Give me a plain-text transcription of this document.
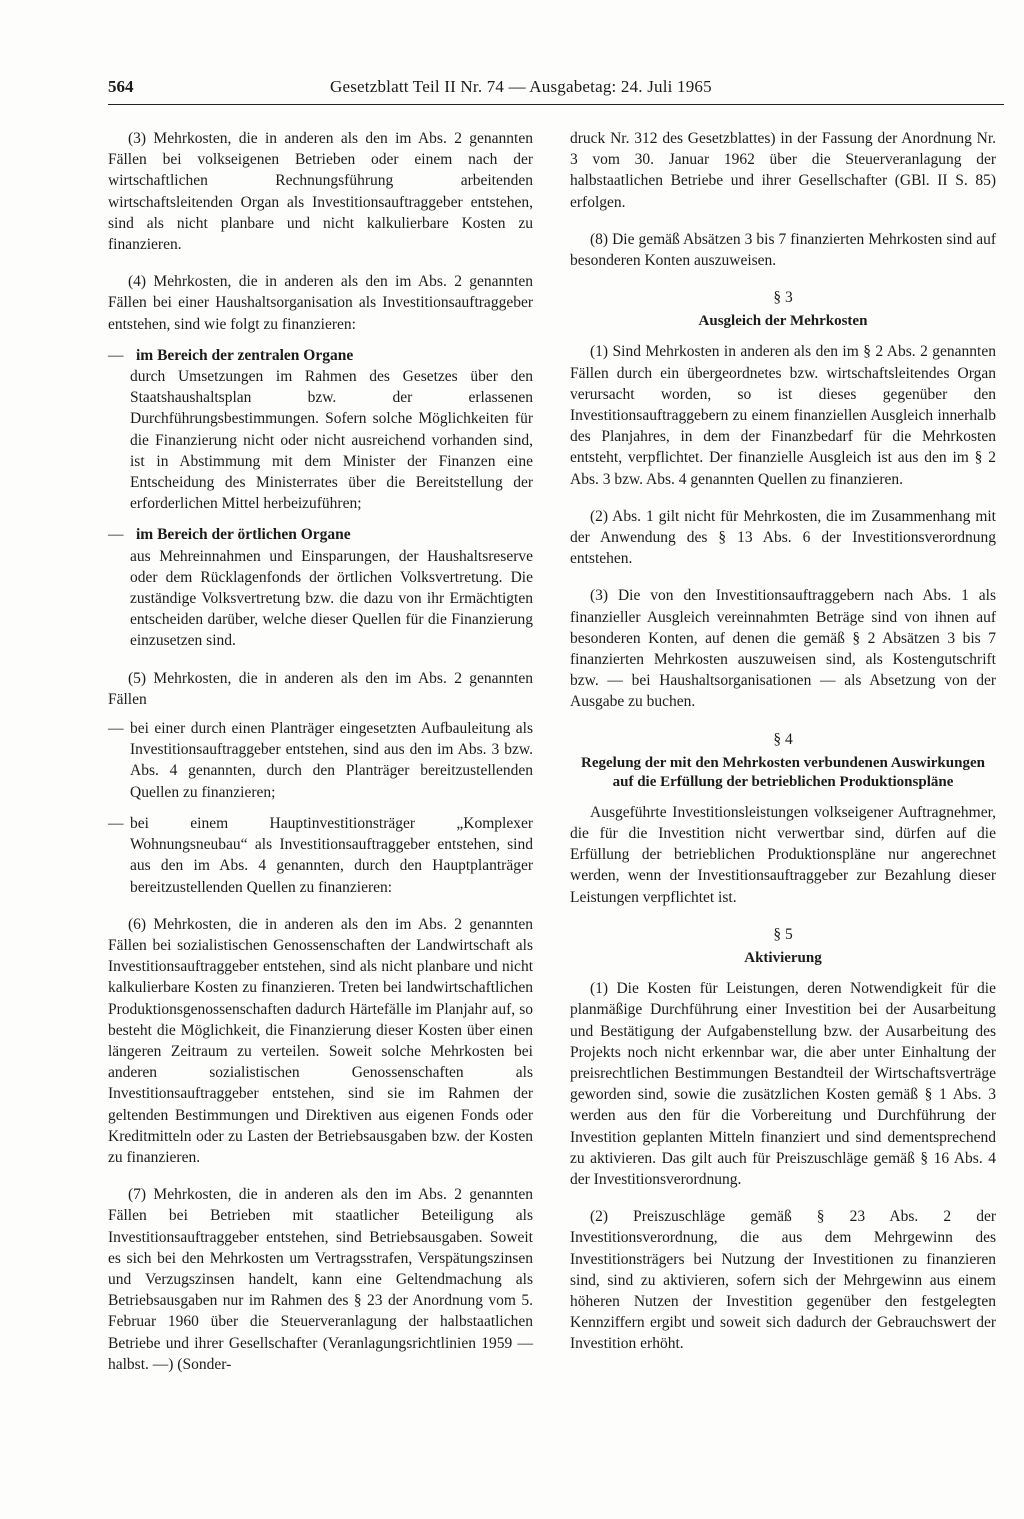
564	Gesetzblatt Teil II Nr. 74 — Ausgabetag: 24. Juli 1965

(3) Mehrkosten, die in anderen als den im Abs. 2 genannten Fällen bei volkseigenen Betrieben oder einem nach der wirtschaftlichen Rechnungsführung arbeitenden wirtschaftsleitenden Organ als Investitionsauftraggeber entstehen, sind als nicht planbare und nicht kalkulierbare Kosten zu finanzieren.

(4) Mehrkosten, die in anderen als den im Abs. 2 genannten Fällen bei einer Haushaltsorganisation als Investitionsauftraggeber entstehen, sind wie folgt zu finanzieren:

— im Bereich der zentralen Organe
durch Umsetzungen im Rahmen des Gesetzes über den Staatshaushaltsplan bzw. der erlassenen Durchführungsbestimmungen. Sofern solche Möglichkeiten für die Finanzierung nicht oder nicht ausreichend vorhanden sind, ist in Abstimmung mit dem Minister der Finanzen eine Entscheidung des Ministerrates über die Bereitstellung der erforderlichen Mittel herbeizuführen;
— im Bereich der örtlichen Organe
aus Mehreinnahmen und Einsparungen, der Haushaltsreserve oder dem Rücklagenfonds der örtlichen Volksvertretung. Die zuständige Volksvertretung bzw. die dazu von ihr Ermächtigten entscheiden darüber, welche dieser Quellen für die Finanzierung einzusetzen sind.

(5) Mehrkosten, die in anderen als den im Abs. 2 genannten Fällen

— bei einer durch einen Planträger eingesetzten Aufbauleitung als Investitionsauftraggeber entstehen, sind aus den im Abs. 3 bzw. Abs. 4 genannten, durch den Planträger bereitzustellenden Quellen zu finanzieren;
— bei einem Hauptinvestitionsträger „Komplexer Wohnungsneubau“ als Investitionsauftraggeber entstehen, sind aus den im Abs. 4 genannten, durch den Hauptplanträger bereitzustellenden Quellen zu finanzieren:

(6) Mehrkosten, die in anderen als den im Abs. 2 genannten Fällen bei sozialistischen Genossenschaften der Landwirtschaft als Investitionsauftraggeber entstehen, sind als nicht planbare und nicht kalkulierbare Kosten zu finanzieren. Treten bei landwirtschaftlichen Produktionsgenossenschaften dadurch Härtefälle im Planjahr auf, so besteht die Möglichkeit, die Finanzierung dieser Kosten über einen längeren Zeitraum zu verteilen. Soweit solche Mehrkosten bei anderen sozialistischen Genossenschaften als Investitionsauftraggeber entstehen, sind sie im Rahmen der geltenden Bestimmungen und Direktiven aus eigenen Fonds oder Kreditmitteln oder zu Lasten der Betriebsausgaben bzw. der Kosten zu finanzieren.

(7) Mehrkosten, die in anderen als den im Abs. 2 genannten Fällen bei Betrieben mit staatlicher Beteiligung als Investitionsauftraggeber entstehen, sind Betriebsausgaben. Soweit es sich bei den Mehrkosten um Vertragsstrafen, Verspätungszinsen und Verzugszinsen handelt, kann eine Geltendmachung als Betriebsausgaben nur im Rahmen des § 23 der Anordnung vom 5. Februar 1960 über die Steuerveranlagung der halbstaatlichen Betriebe und ihrer Gesellschafter (Veranlagungsrichtlinien 1959 — halbst. —) (Sonder-

druck Nr. 312 des Gesetzblattes) in der Fassung der Anordnung Nr. 3 vom 30. Januar 1962 über die Steuerveranlagung der halbstaatlichen Betriebe und ihrer Gesellschafter (GBl. II S. 85) erfolgen.

(8) Die gemäß Absätzen 3 bis 7 finanzierten Mehrkosten sind auf besonderen Konten auszuweisen.

§ 3
Ausgleich der Mehrkosten

(1) Sind Mehrkosten in anderen als den im § 2 Abs. 2 genannten Fällen durch ein übergeordnetes bzw. wirtschaftsleitendes Organ verursacht worden, so ist dieses gegenüber den Investitionsauftraggebern zu einem finanziellen Ausgleich innerhalb des Planjahres, in dem der Finanzbedarf für die Mehrkosten entsteht, verpflichtet. Der finanzielle Ausgleich ist aus den im § 2 Abs. 3 bzw. Abs. 4 genannten Quellen zu finanzieren.

(2) Abs. 1 gilt nicht für Mehrkosten, die im Zusammenhang mit der Anwendung des § 13 Abs. 6 der Investitionsverordnung entstehen.

(3) Die von den Investitionsauftraggebern nach Abs. 1 als finanzieller Ausgleich vereinnahmten Beträge sind von ihnen auf besonderen Konten, auf denen die gemäß § 2 Absätzen 3 bis 7 finanzierten Mehrkosten auszuweisen sind, als Kostengutschrift bzw. — bei Haushaltsorganisationen — als Absetzung von der Ausgabe zu buchen.

§ 4
Regelung der mit den Mehrkosten verbundenen Auswirkungen auf die Erfüllung der betrieblichen Produktionspläne

Ausgeführte Investitionsleistungen volkseigener Auftragnehmer, die für die Investition nicht verwertbar sind, dürfen auf die Erfüllung der betrieblichen Produktionspläne nur angerechnet werden, wenn der Investitionsauftraggeber zur Bezahlung dieser Leistungen verpflichtet ist.

§ 5
Aktivierung

(1) Die Kosten für Leistungen, deren Notwendigkeit für die planmäßige Durchführung einer Investition bei der Ausarbeitung und Bestätigung der Aufgabenstellung bzw. der Ausarbeitung des Projekts noch nicht erkennbar war, die aber unter Einhaltung der preisrechtlichen Bestimmungen Bestandteil der Wirtschaftsverträge geworden sind, sowie die zusätzlichen Kosten gemäß § 1 Abs. 3 werden aus den für die Vorbereitung und Durchführung der Investition geplanten Mitteln finanziert und sind dementsprechend zu aktivieren. Das gilt auch für Preiszuschläge gemäß § 16 Abs. 4 der Investitionsverordnung.

(2) Preiszuschläge gemäß § 23 Abs. 2 der Investitionsverordnung, die aus dem Mehrgewinn des Investitionsträgers bei Nutzung der Investitionen zu finanzieren sind, sind zu aktivieren, sofern sich der Mehrgewinn aus einem höheren Nutzen der Investition gegenüber den festgelegten Kennziffern ergibt und soweit sich dadurch der Gebrauchswert der Investition erhöht.
